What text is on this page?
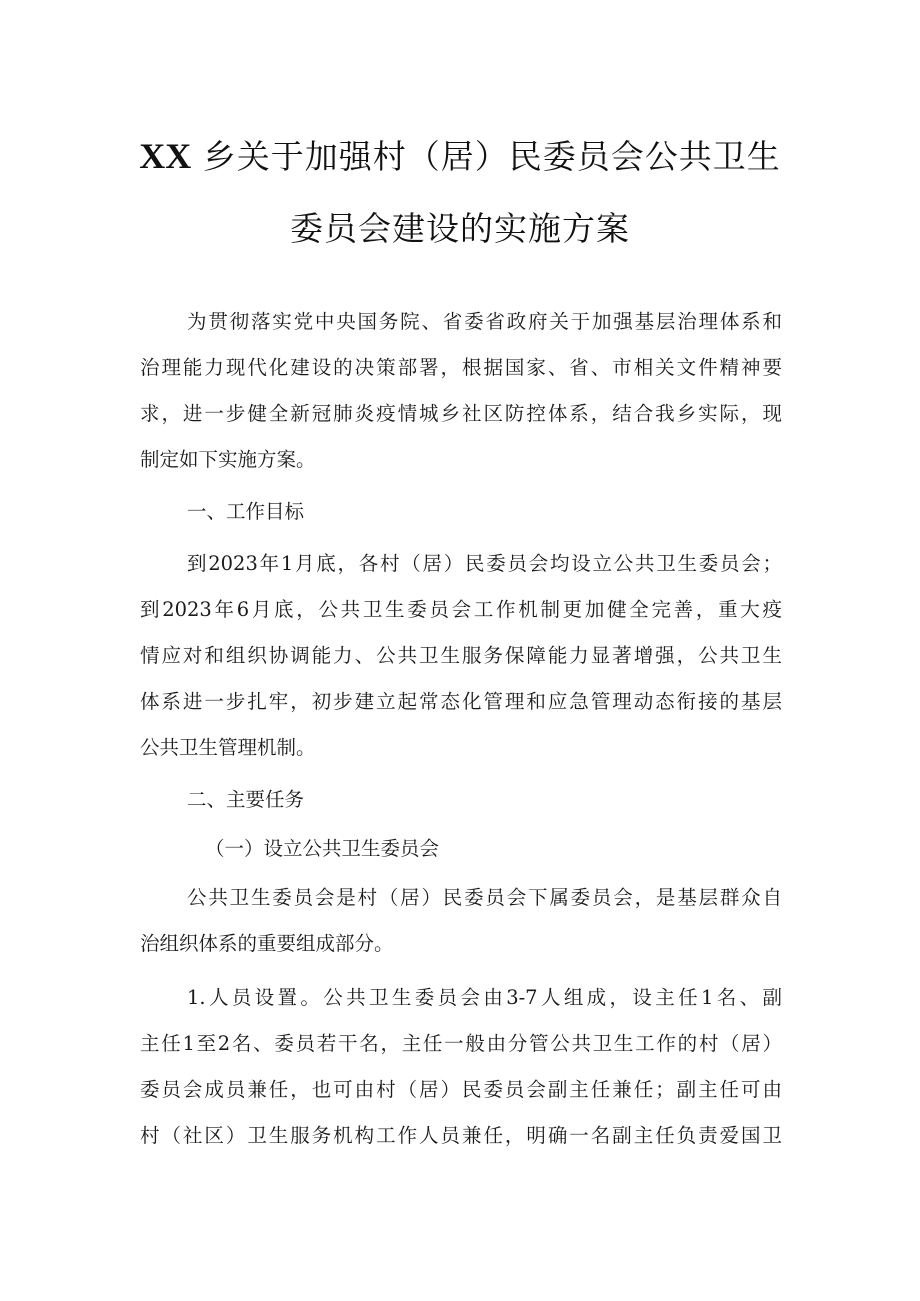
XX 乡关于加强村（居）民委员会公共卫生
委员会建设的实施方案
为贯彻落实党中央国务院、省委省政府关于加强基层治理体系和
治理能力现代化建设的决策部署，根据国家、省、市相关文件精神要
求，进一步健全新冠肺炎疫情城乡社区防控体系，结合我乡实际，现
制定如下实施方案。
一、工作目标
到2023年1月底，各村（居）民委员会均设立公共卫生委员会；
到2023年6月底，公共卫生委员会工作机制更加健全完善，重大疫
情应对和组织协调能力、公共卫生服务保障能力显著增强，公共卫生
体系进一步扎牢，初步建立起常态化管理和应急管理动态衔接的基层
公共卫生管理机制。
二、主要任务
（一）设立公共卫生委员会
公共卫生委员会是村（居）民委员会下属委员会，是基层群众自
治组织体系的重要组成部分。
1.人员设置。公共卫生委员会由3-7人组成，设主任1名、副
主任1至2名、委员若干名，主任一般由分管公共卫生工作的村（居）
委员会成员兼任，也可由村（居）民委员会副主任兼任；副主任可由
村（社区）卫生服务机构工作人员兼任，明确一名副主任负责爱国卫
